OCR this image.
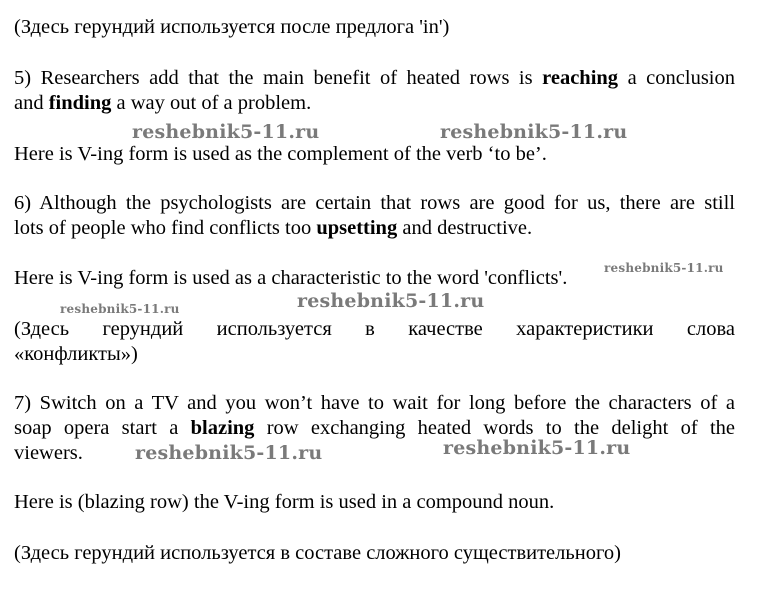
(Здесь герундий используется после предлога 'in')
5) Researchers add that the main benefit of heated rows is reaching a conclusion
and finding a way out of a problem.
Here is V-ing form is used as the complement of the verb ‘to be’.
6) Although the psychologists are certain that rows are good for us, there are still
lots of people who find conflicts too upsetting and destructive.
Here is V-ing form is used as a characteristic to the word 'conflicts'.
(Здесь герундий используется в качестве характеристики слова
«конфликты»)
7) Switch on a TV and you won’t have to wait for long before the characters of a
soap opera start a blazing row exchanging heated words to the delight of the
viewers.
Here is (blazing row) the V-ing form is used in a compound noun.
(Здесь герундий используется в составе сложного существительного)
reshebnik5-11.ru	reshebnik5-11.ru
reshebnik5-11.ru
reshebnik5-11.ru	reshebnik5-11.ru
reshebnik5-11.ru	reshebnik5-11.ru
